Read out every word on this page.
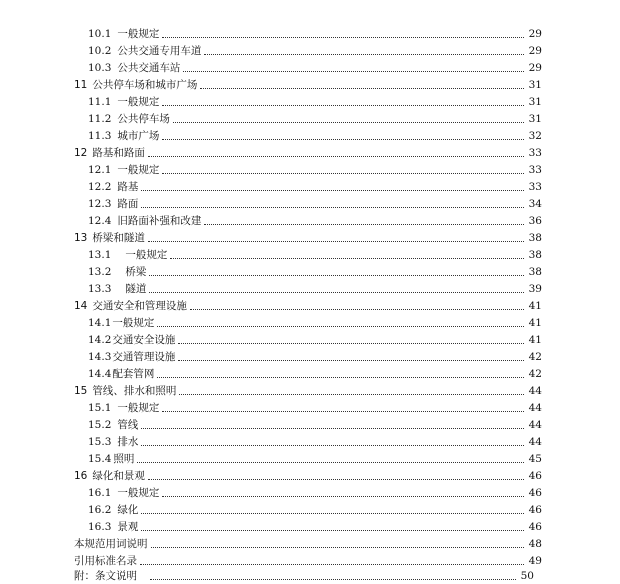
10.1 一般规定	29
10.2 公共交通专用车道	29
10.3 公共交通车站	29
11 公共停车场和城市广场	31
11.1 一般规定	31
11.2 公共停车场	31
11.3 城市广场	32
12 路基和路面	33
12.1 一般规定	33
12.2 路基	33
12.3 路面	34
12.4 旧路面补强和改建	36
13 桥梁和隧道	38
13.1 一般规定	38
13.2 桥梁	38
13.3 隧道	39
14 交通安全和管理设施	41
14.1 一般规定	41
14.2 交通安全设施	41
14.3 交通管理设施	42
14.4 配套管网	42
15 管线、排水和照明	44
15.1 一般规定	44
15.2 管线	44
15.3 排水	44
15.4 照明	45
16 绿化和景观	46
16.1 一般规定	46
16.2 绿化	46
16.3 景观	46
本规范用词说明	48
引用标准名录	49
附：条文说明	50
